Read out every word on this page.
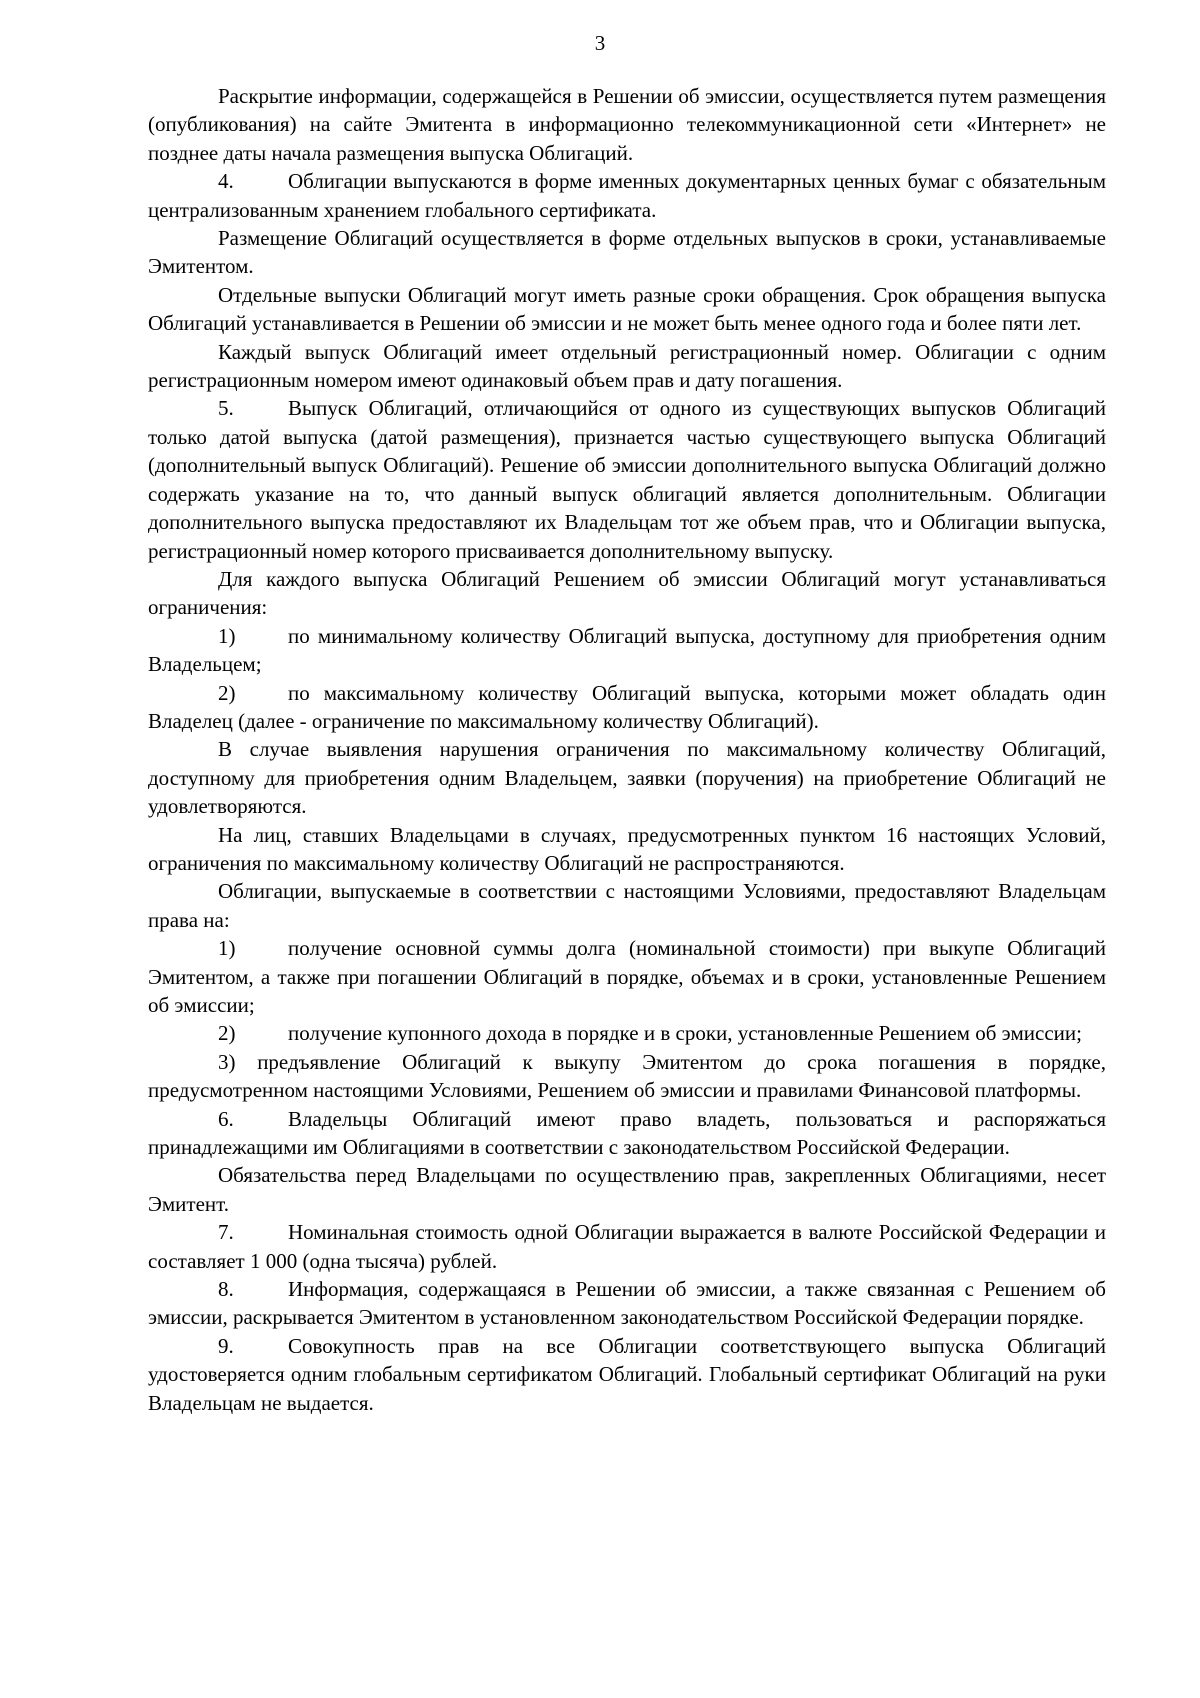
3

Раскрытие информации, содержащейся в Решении об эмиссии, осуществляется путем размещения (опубликования) на сайте Эмитента в информационно телекоммуникационной сети «Интернет» не позднее даты начала размещения выпуска Облигаций.

4.	Облигации выпускаются в форме именных документарных ценных бумаг с обязательным централизованным хранением глобального сертификата.

Размещение Облигаций осуществляется в форме отдельных выпусков в сроки, устанавливаемые Эмитентом.

Отдельные выпуски Облигаций могут иметь разные сроки обращения. Срок обращения выпуска Облигаций устанавливается в Решении об эмиссии и не может быть менее одного года и более пяти лет.

Каждый выпуск Облигаций имеет отдельный регистрационный номер. Облигации с одним регистрационным номером имеют одинаковый объем прав и дату погашения.

5.	Выпуск Облигаций, отличающийся от одного из существующих выпусков Облигаций только датой выпуска (датой размещения), признается частью существующего выпуска Облигаций (дополнительный выпуск Облигаций). Решение об эмиссии дополнительного выпуска Облигаций должно содержать указание на то, что данный выпуск облигаций является дополнительным. Облигации дополнительного выпуска предоставляют их Владельцам тот же объем прав, что и Облигации выпуска, регистрационный номер которого присваивается дополнительному выпуску.

Для каждого выпуска Облигаций Решением об эмиссии Облигаций могут устанавливаться ограничения:

1)	по минимальному количеству Облигаций выпуска, доступному для приобретения одним Владельцем;

2)	по максимальному количеству Облигаций выпуска, которыми может обладать один Владелец (далее - ограничение по максимальному количеству Облигаций).

В случае выявления нарушения ограничения по максимальному количеству Облигаций, доступному для приобретения одним Владельцем, заявки (поручения) на приобретение Облигаций не удовлетворяются.

На лиц, ставших Владельцами в случаях, предусмотренных пунктом 16 настоящих Условий, ограничения по максимальному количеству Облигаций не распространяются.

Облигации, выпускаемые в соответствии с настоящими Условиями, предоставляют Владельцам права на:

1)	получение основной суммы долга (номинальной стоимости) при выкупе Облигаций Эмитентом, а также при погашении Облигаций в порядке, объемах и в сроки, установленные Решением об эмиссии;

2)	получение купонного дохода в порядке и в сроки, установленные Решением об эмиссии;

3) предъявление Облигаций к выкупу Эмитентом до срока погашения в порядке, предусмотренном настоящими Условиями, Решением об эмиссии и правилами Финансовой платформы.

6.	Владельцы Облигаций имеют право владеть, пользоваться и распоряжаться принадлежащими им Облигациями в соответствии с законодательством Российской Федерации.

Обязательства перед Владельцами по осуществлению прав, закрепленных Облигациями, несет Эмитент.

7.	Номинальная стоимость одной Облигации выражается в валюте Российской Федерации и составляет 1 000 (одна тысяча) рублей.

8.	Информация, содержащаяся в Решении об эмиссии, а также связанная с Решением об эмиссии, раскрывается Эмитентом в установленном законодательством Российской Федерации порядке.

9.	Совокупность прав на все Облигации соответствующего выпуска Облигаций удостоверяется одним глобальным сертификатом Облигаций. Глобальный сертификат Облигаций на руки Владельцам не выдается.
